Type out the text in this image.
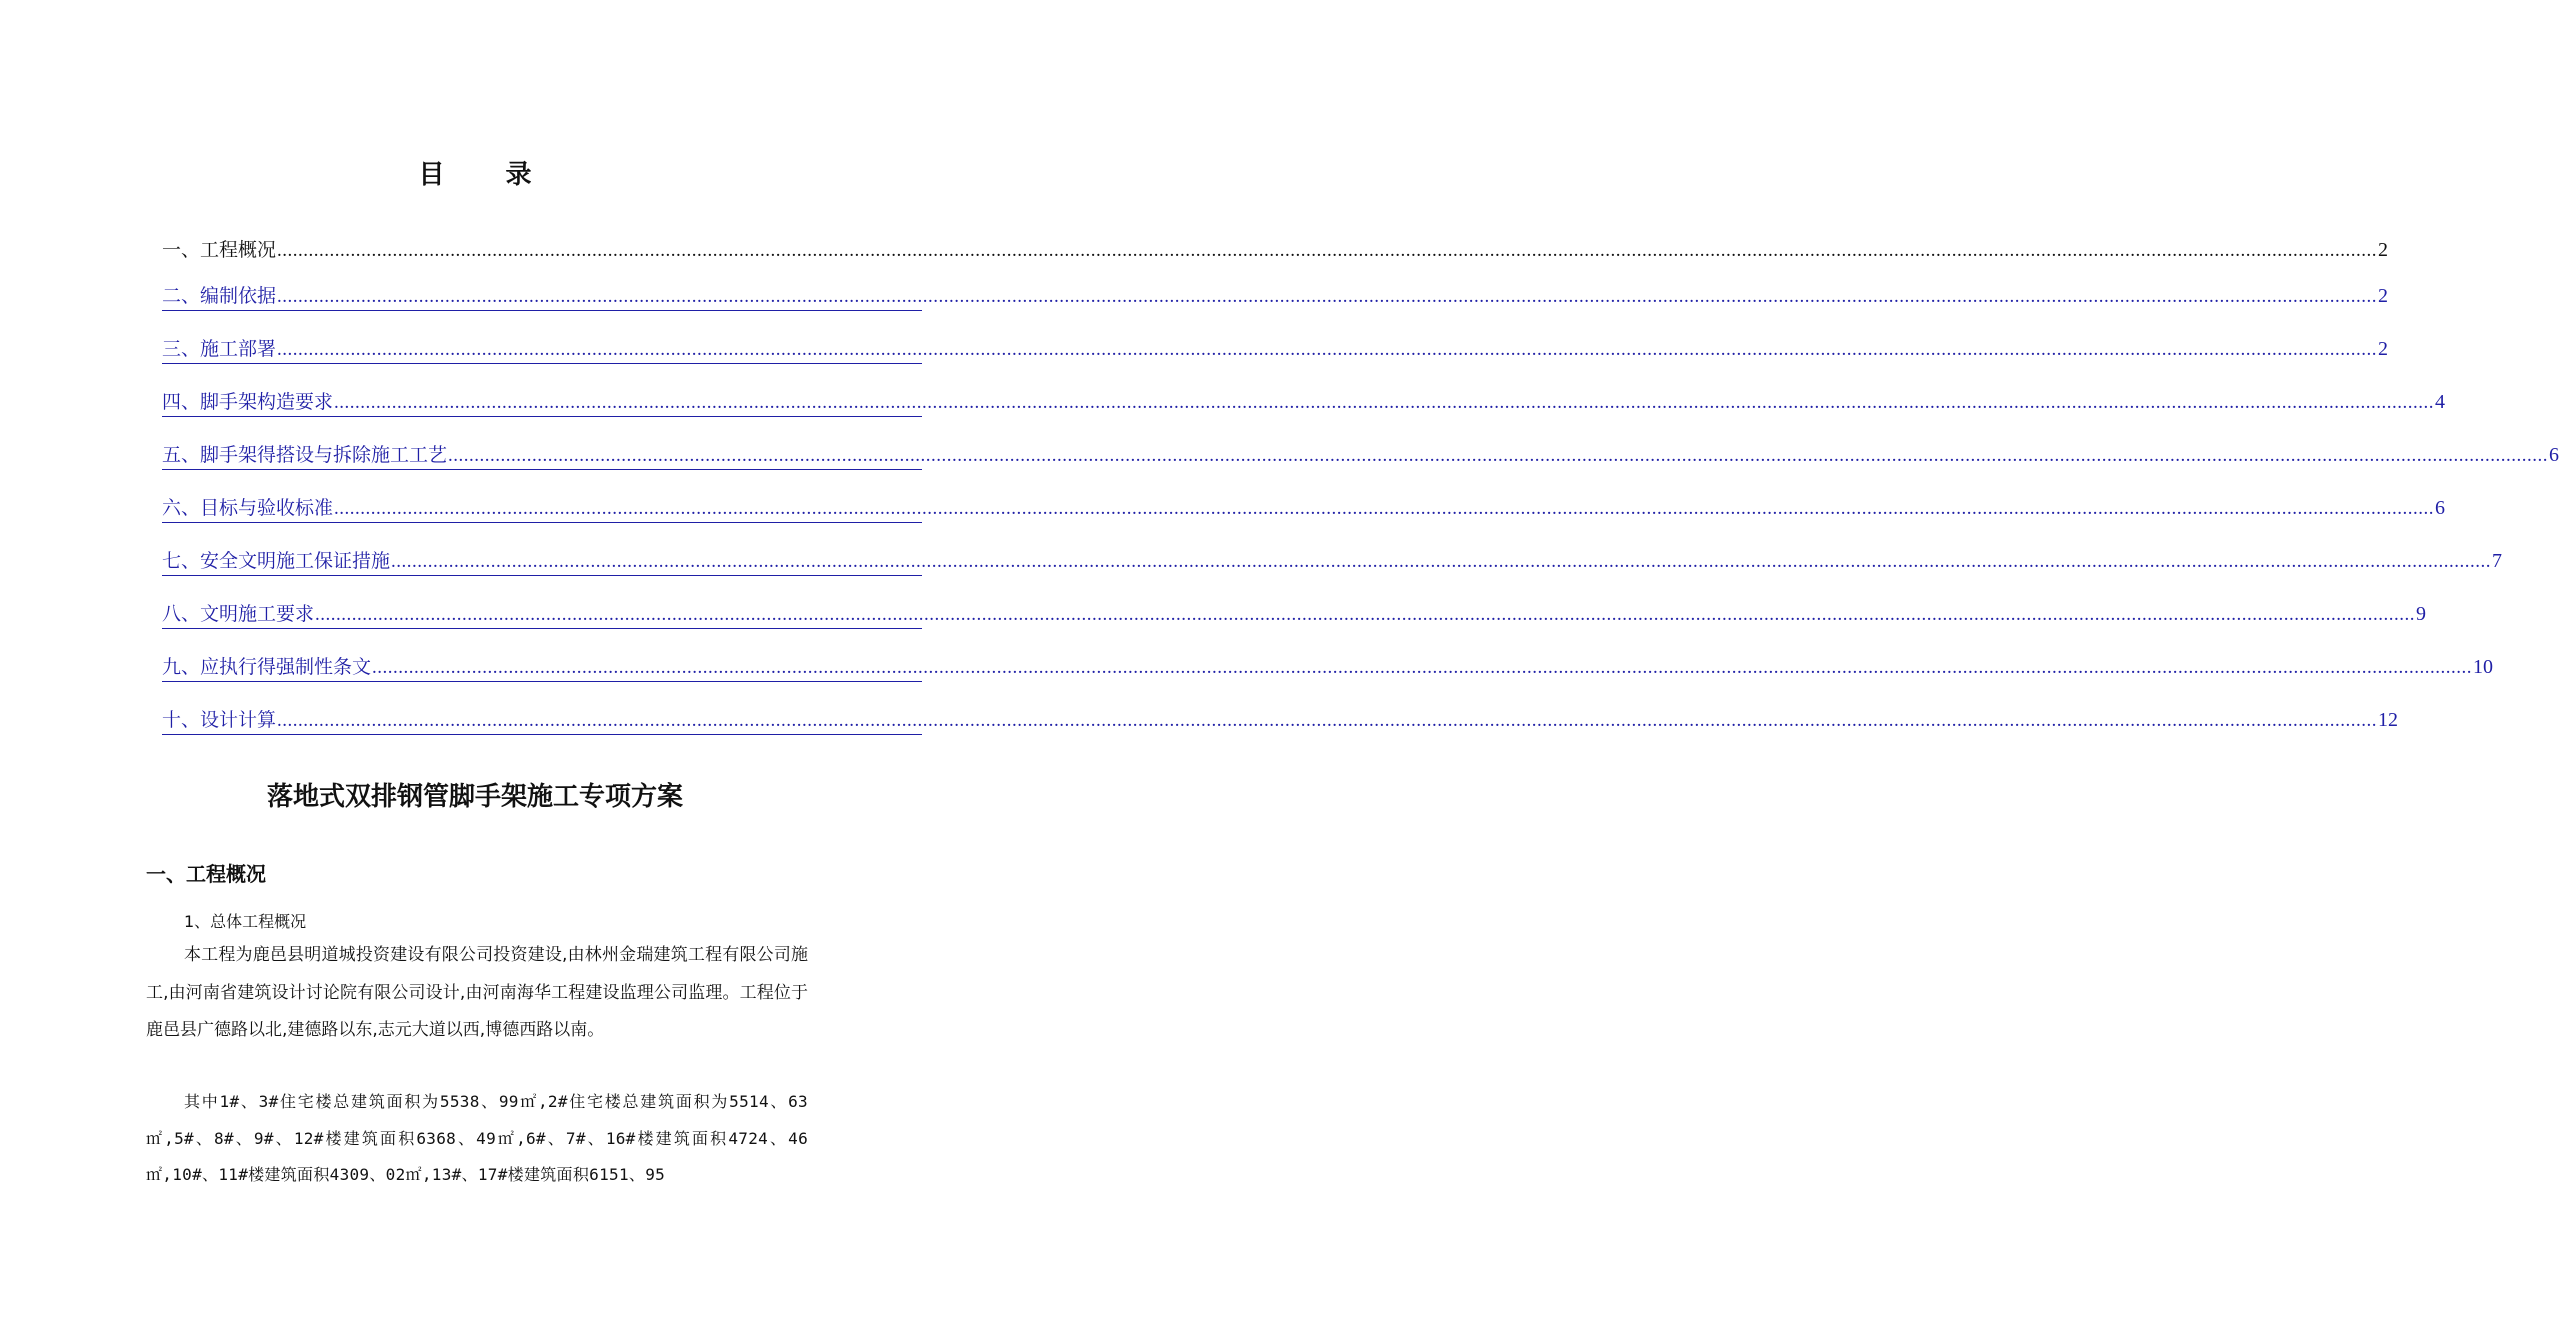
目 录
一、工程概况 ................................................................................................................................................................................................................................................................................................................................................................................................................ 2
二、编制依据 ................................................................................................................................................................................................................................................................................................................................................................................................................ 2
三、施工部署 ................................................................................................................................................................................................................................................................................................................................................................................................................ 2
四、脚手架构造要求 ................................................................................................................................................................................................................................................................................................................................................................................................................ 4
五、脚手架得搭设与拆除施工工艺 ................................................................................................................................................................................................................................................................................................................................................................................................................ 6
六、目标与验收标准 ................................................................................................................................................................................................................................................................................................................................................................................................................ 6
七、安全文明施工保证措施 ................................................................................................................................................................................................................................................................................................................................................................................................................ 7
八、文明施工要求 ................................................................................................................................................................................................................................................................................................................................................................................................................ 9
九、应执行得强制性条文 ................................................................................................................................................................................................................................................................................................................................................................................................................ 10
十、设计计算 ................................................................................................................................................................................................................................................................................................................................................................................................................ 12
落地式双排钢管脚手架施工专项方案
一、工程概况
1、总体工程概况

本工程为鹿邑县明道城投资建设有限公司投资建设,由林州金瑞建筑工程有限公司施工,由河南省建筑设计讨论院有限公司设计,由河南海华工程建设监理公司监理。工程位于鹿邑县广德路以北,建德路以东,志元大道以西,博德西路以南。

其中1#、3#住宅楼总建筑面积为5538、99㎡,2#住宅楼总建筑面积为5514、63㎡,5#、8#、9#、12#楼建筑面积6368、49㎡,6#、7#、16#楼建筑面积4724、46㎡,10#、11#楼建筑面积4309、02㎡,13#、17#楼建筑面积6151、95
